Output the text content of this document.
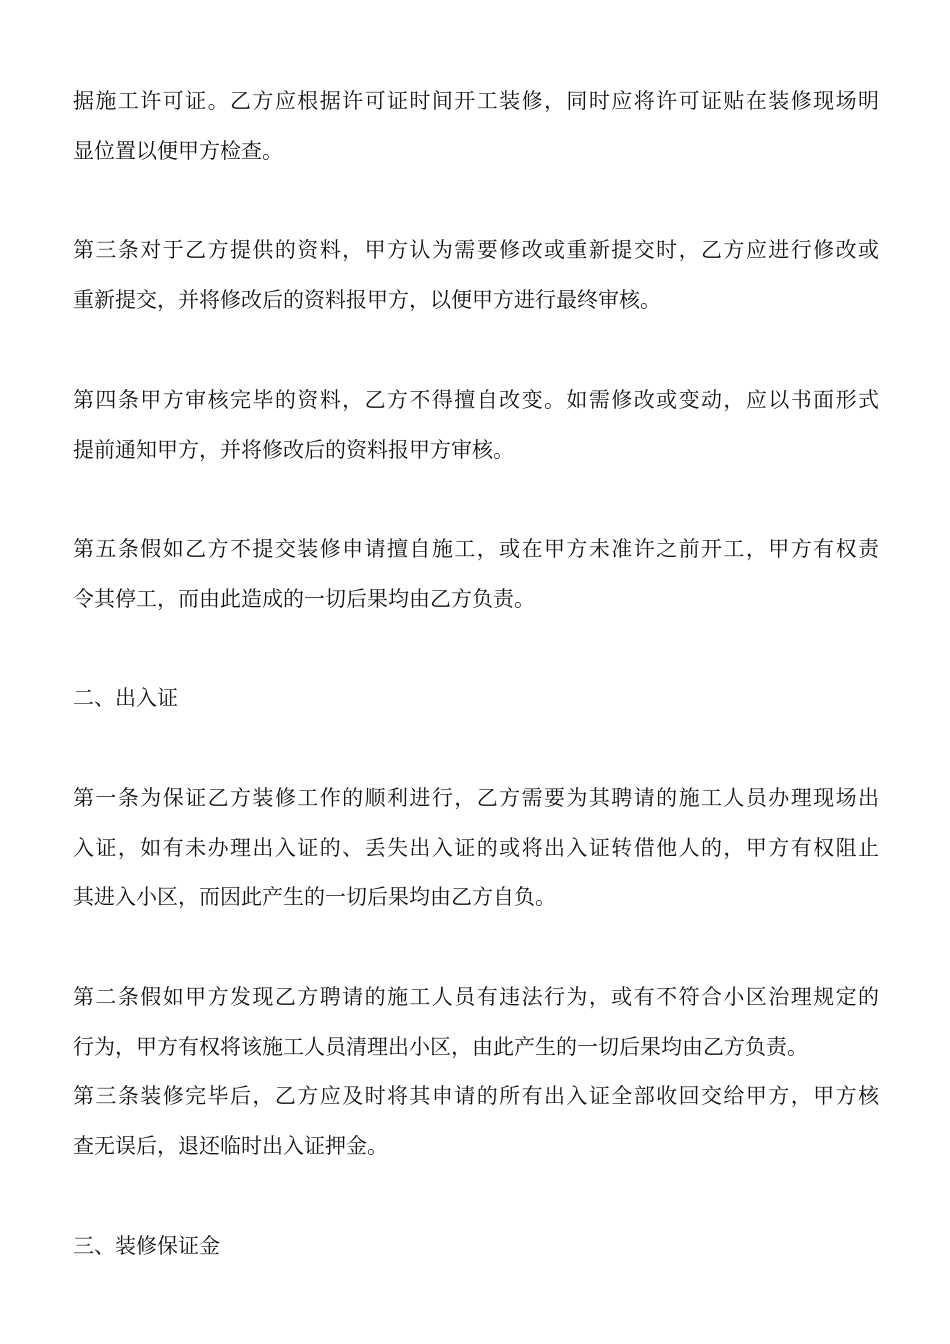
据施工许可证。乙方应根据许可证时间开工装修，同时应将许可证贴在装修现场明
显位置以便甲方检查。
第三条对于乙方提供的资料，甲方认为需要修改或重新提交时，乙方应进行修改或
重新提交，并将修改后的资料报甲方，以便甲方进行最终审核。
第四条甲方审核完毕的资料，乙方不得擅自改变。如需修改或变动，应以书面形式
提前通知甲方，并将修改后的资料报甲方审核。
第五条假如乙方不提交装修申请擅自施工，或在甲方未准许之前开工，甲方有权责
令其停工，而由此造成的一切后果均由乙方负责。
二、出入证
第一条为保证乙方装修工作的顺利进行，乙方需要为其聘请的施工人员办理现场出
入证，如有未办理出入证的、丢失出入证的或将出入证转借他人的，甲方有权阻止
其进入小区，而因此产生的一切后果均由乙方自负。
第二条假如甲方发现乙方聘请的施工人员有违法行为，或有不符合小区治理规定的
行为，甲方有权将该施工人员清理出小区，由此产生的一切后果均由乙方负责。
第三条装修完毕后，乙方应及时将其申请的所有出入证全部收回交给甲方，甲方核
查无误后，退还临时出入证押金。
三、装修保证金
